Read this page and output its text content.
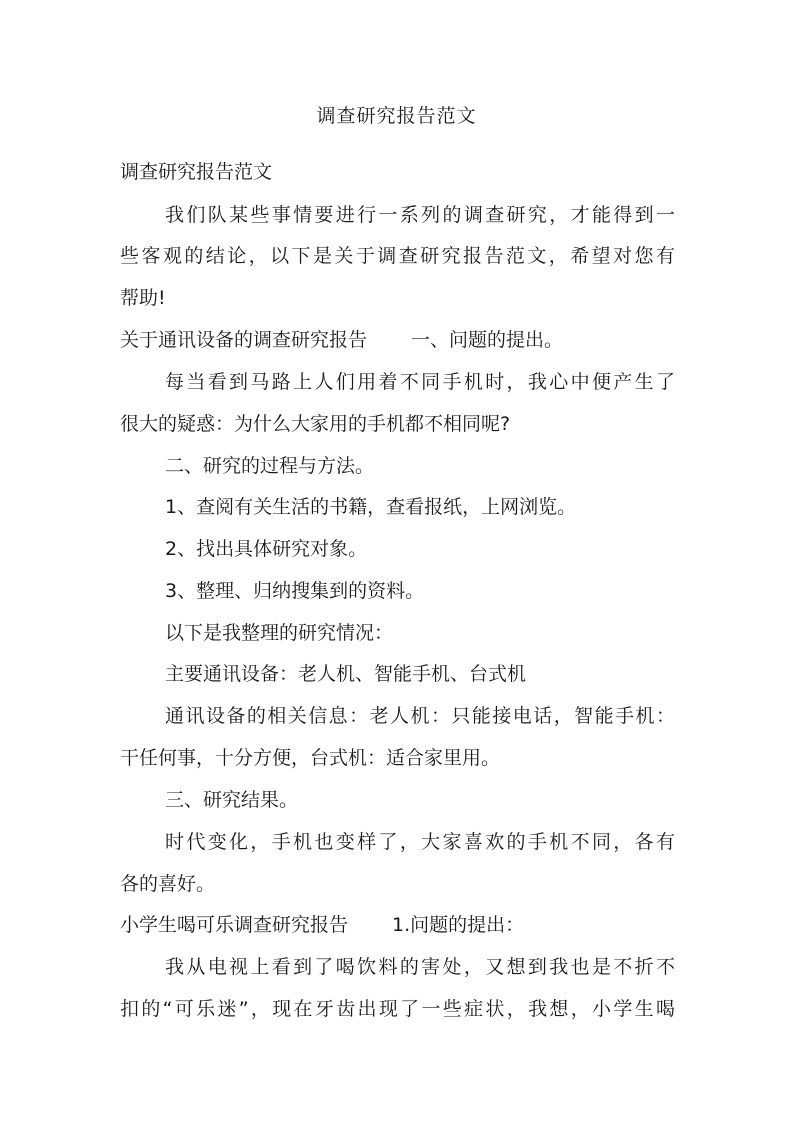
调查研究报告范文

调查研究报告范文

我们队某些事情要进行一系列的调查研究，才能得到一

些客观的结论，以下是关于调查研究报告范文，希望对您有

帮助!

关于通讯设备的调查研究报告 一、问题的提出。

每当看到马路上人们用着不同手机时，我心中便产生了

很大的疑惑：为什么大家用的手机都不相同呢?

二、研究的过程与方法。

1、查阅有关生活的书籍，查看报纸，上网浏览。

2、找出具体研究对象。

3、整理、归纳搜集到的资料。

以下是我整理的研究情况：

主要通讯设备：老人机、智能手机、台式机

通讯设备的相关信息：老人机：只能接电话，智能手机：

干任何事，十分方便，台式机：适合家里用。

三、研究结果。

时代变化，手机也变样了，大家喜欢的手机不同，各有

各的喜好。

小学生喝可乐调查研究报告 1.问题的提出：

我从电视上看到了喝饮料的害处，又想到我也是不折不

扣的“可乐迷”，现在牙齿出现了一些症状，我想，小学生喝
